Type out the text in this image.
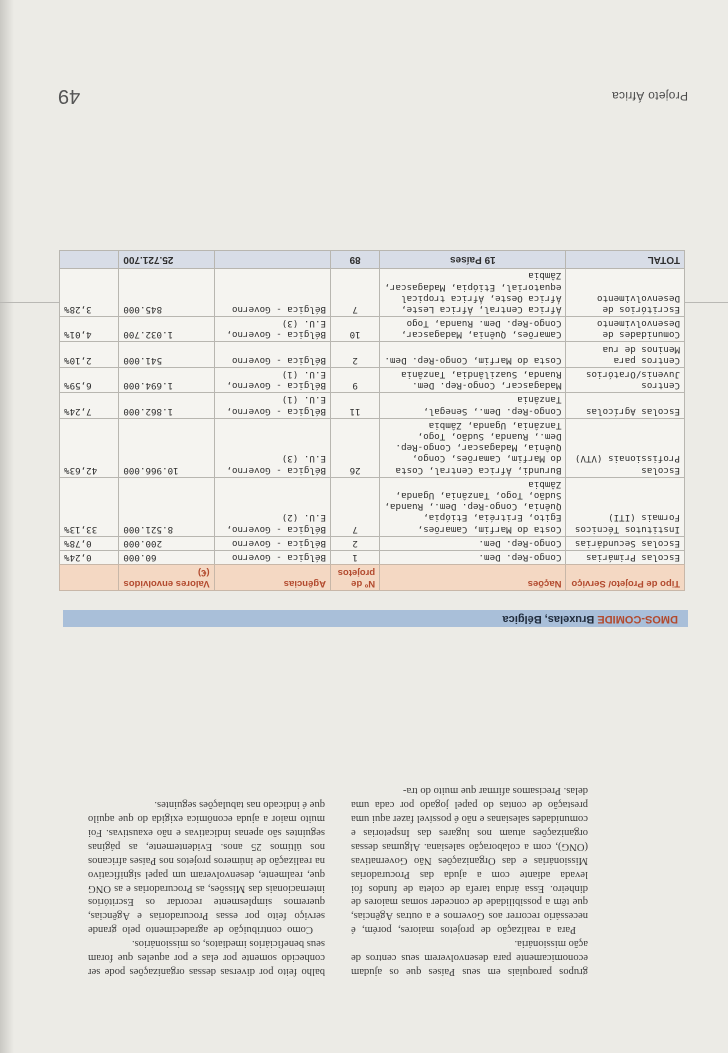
grupos paroquiais em seus Países que os ajudam economicamente para desenvolverem seus centros de ação missionária.

Para a realização de projetos maiores, porém, é necessário recorrer aos Governos e a outras Agências, que têm a possibilidade de conceder somas maiores de dinheiro. Essa árdua tarefa de coleta de fundos foi levada adiante com a ajuda das Procuradorias Missionárias e das Organizações Não Governativas (ONG), com a colaboração salesiana. Algumas dessas organizações atuam nos lugares das Inspetorias e comunidades salesianas e não é possível fazer aqui uma prestação de contas do papel jogado por cada uma delas. Precisamos afirmar que muito do tra-

balho feito por diversas dessas organizações pode ser conhecido somente por elas e por aqueles que foram seus beneficiários imediatos, os missionários.

Como contribuição de agradecimento pelo grande serviço feito por essas Procuradorias e Agências, queremos simplesmente recordar os Escritórios internacionais das Missões, as Procuradorias e as ONG que, realmente, desenvolveram um papel significativo na realização de inúmeros projetos nos Países africanos nos últimos 25 anos. Evidentemente, as páginas seguintes são apenas indicativas e não exaustivas. Foi muito maior a ajuda econômica exigida do que aquilo que é indicado nas tabulações seguintes.

DMOS-COMIDE Bruxelas, Bélgica
Tipo de Projeto/ Serviço	Nações	Nº de projetos	Agências	Valores envolvidos (€)	
Escolas Primárias	Congo-Rep. Dem.	1	Bélgica - Governo	60.000	0,24%
Escolas Secundárias	Congo-Rep. Dem.	2	Bélgica - Governo	200.000	0,78%
Institutos Técnicos Formais (ITI)	Costa do Marfim, Camarões, Egito, Eritréia, Etiópia, Quênia, Congo-Rep. Dem., Ruanda, Sudão, Togo, Tanzânia, Uganda, Zâmbia	7	Bélgica - Governo, E.U. (2)	8.521.000	33,13%
Escolas Profissionais (VTV)	Burundi, África Central, Costa do Marfim, Camarões, Congo, Quênia, Madagascar, Congo-Rep. Dem., Ruanda, Sudão, Togo, Tanzânia, Uganda, Zâmbia	26	Bélgica - Governo, E.U. (3)	10.966.000	42,63%
Escolas Agrícolas	Congo-Rep. Dem., Senegal, Tanzânia	11	Bélgica - Governo, E.U. (1)	1.862.000	7,24%
Centros Juvenis/Oratórios	Madagascar, Congo-Rep. Dem. Ruanda, Suazilândia, Tanzânia	9	Bélgica - Governo, E.U. (1)	1.694.000	6,59%
Centros para Meninos de rua	Costa do Marfim, Congo-Rep. Dem.	2	Bélgica - Governo	541.000	2,10%
Comunidades de Desenvolvimento	Camarões, Quênia, Madagascar, Congo-Rep. Dem. Ruanda, Togo	10	Bélgica - Governo, E.U. (3)	1.032.700	4,01%
Escritórios de Desenvolvimento	África Central, África Leste, África Oeste, África tropical equatorial, Etiópia, Madagascar, Zâmbia	7	Bélgica - Governo	845.000	3,28%
TOTAL	19 Países	89		25.721.700	
Projeto África
49
